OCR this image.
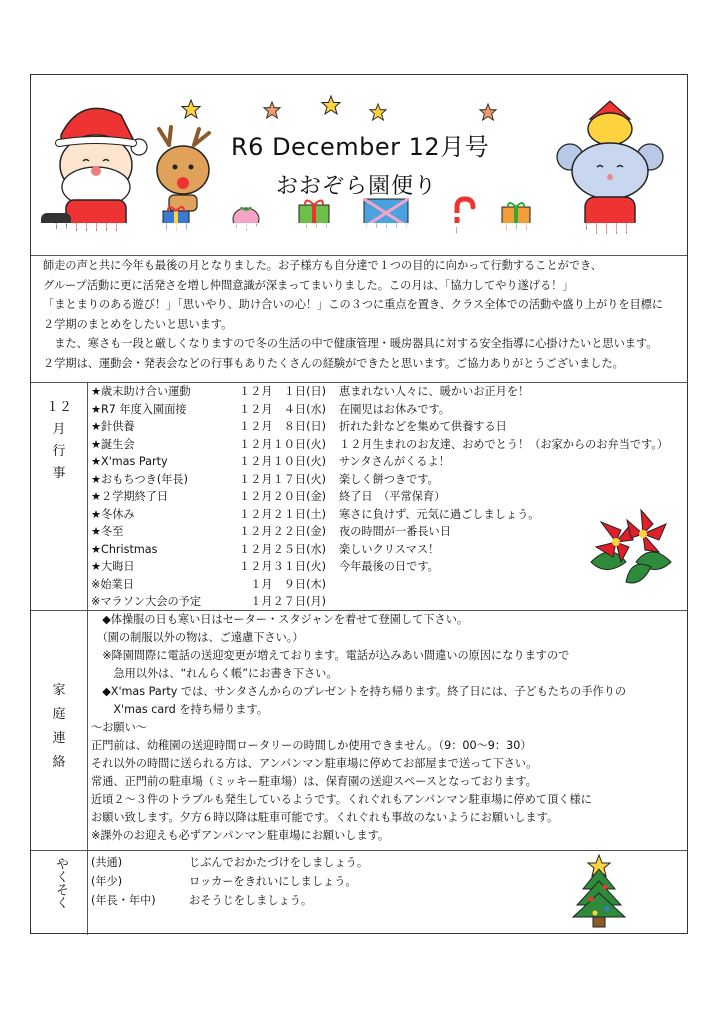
R6 December 12月号
おおぞら園便り

師走の声と共に今年も最後の月となりました。お子様方も自分達で１つの目的に向かって行動することができ、

グループ活動に更に活発さを増し仲間意識が深まってまいりました。この月は、「協力してやり遂げる！」

「まとまりのある遊び！」「思いやり、助け合いの心！」この３つに重点を置き、クラス全体での活動や盛り上がりを目標に

２学期のまとめをしたいと思います。

　また、寒さも一段と厳しくなりますので冬の生活の中で健康管理・暖房器具に対する安全指導に心掛けたいと思います。

２学期は、運動会・発表会などの行事もありたくさんの経験ができたと思います。ご協力ありがとうございました。

１２
月
行
事
★歳末助け合い運動	１２月　１日(日) 恵まれない人々に、暖かいお正月を！
★R7 年度入園面接	１２月　４日(水) 在園児はお休みです。
★針供養	１２月　８日(日) 折れた針などを集めて供養する日
★誕生会	１２月１０日(火) １２月生まれのお友達、おめでとう！（お家からのお弁当です。）
★X'mas Party	１２月１０日(火) サンタさんがくるよ！
★おもちつき(年長)	１２月１７日(火) 楽しく餅つきです。
★２学期終了日	１２月２０日(金) 終了日　（平常保育）
★冬休み	１２月２１日(土) 寒さに負けず、元気に過ごしましょう。
★冬至	１２月２２日(金) 夜の時間が一番長い日
★Christmas	１２月２５日(水) 楽しいクリスマス！
★大晦日	１２月３１日(火) 今年最後の日です。
※始業日	　１月　９日(木)
※マラソン大会の予定	　１月２７日(月)
家
庭
連
絡

　◆体操服の日も寒い日はセーター・スタジャンを着せて登園して下さい。

　（園の制服以外の物は、ご遠慮下さい。）

　※降園間際に電話の送迎変更が増えております。電話が込みあい間違いの原因になりますので

　　急用以外は、“れんらく帳”にお書き下さい。

　◆X'mas Party では、サンタさんからのプレゼントを持ち帰ります。終了日には、子どもたちの手作りの

　　X'mas card を持ち帰ります。

～お願い～

正門前は、幼稚園の送迎時間ロータリーの時間しか使用できません。（9：00～9：30）

それ以外の時間に送られる方は、アンパンマン駐車場に停めてお部屋まで送って下さい。

常通、正門前の駐車場（ミッキー駐車場）は、保育園の送迎スペースとなっております。

近頃２～３件のトラブルも発生しているようです。くれぐれもアンパンマン駐車場に停めて頂く様に

お願い致します。夕方６時以降は駐車可能です。くれぐれも事故のないようにお願いします。

※課外のお迎えも必ずアンパンマン駐車場にお願いします。

やくそく (共通)	じぶんでおかたづけをしましょう。
(年少)	ロッカーをきれいにしましょう。
(年長・年中)	おそうじをしましょう。
